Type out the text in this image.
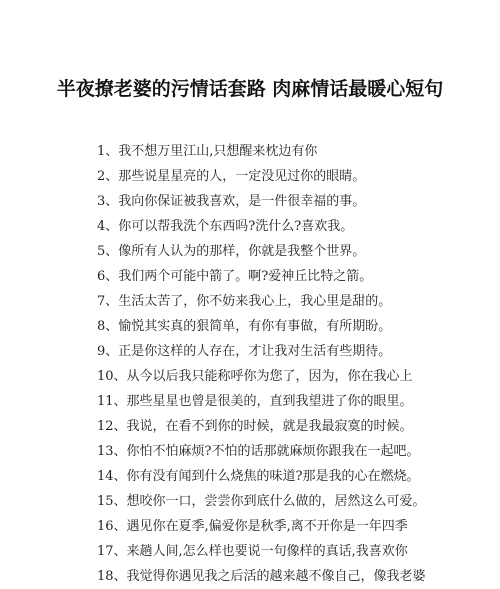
半夜撩老婆的污情话套路 肉麻情话最暖心短句
1、我不想万里江山,只想醒来枕边有你
2、那些说星星亮的人，一定没见过你的眼睛。
3、我向你保证被我喜欢，是一件很幸福的事。
4、你可以帮我洗个东西吗?洗什么?喜欢我。
5、像所有人认为的那样，你就是我整个世界。
6、我们两个可能中箭了。啊?爱神丘比特之箭。
7、生活太苦了，你不妨来我心上，我心里是甜的。
8、愉悦其实真的狠简单，有你有事做，有所期盼。
9、正是你这样的人存在，才让我对生活有些期待。
10、从今以后我只能称呼你为您了，因为，你在我心上
11、那些星星也曾是很美的，直到我望进了你的眼里。
12、我说，在看不到你的时候，就是我最寂寞的时候。
13、你怕不怕麻烦?不怕的话那就麻烦你跟我在一起吧。
14、你有没有闻到什么烧焦的味道?那是我的心在燃烧。
15、想咬你一口，尝尝你到底什么做的，居然这么可爱。
16、遇见你在夏季,偏爱你是秋季,离不开你是一年四季
17、来趟人间,怎么样也要说一句像样的真话,我喜欢你
18、我觉得你遇见我之后活的越来越不像自己，像我老婆
